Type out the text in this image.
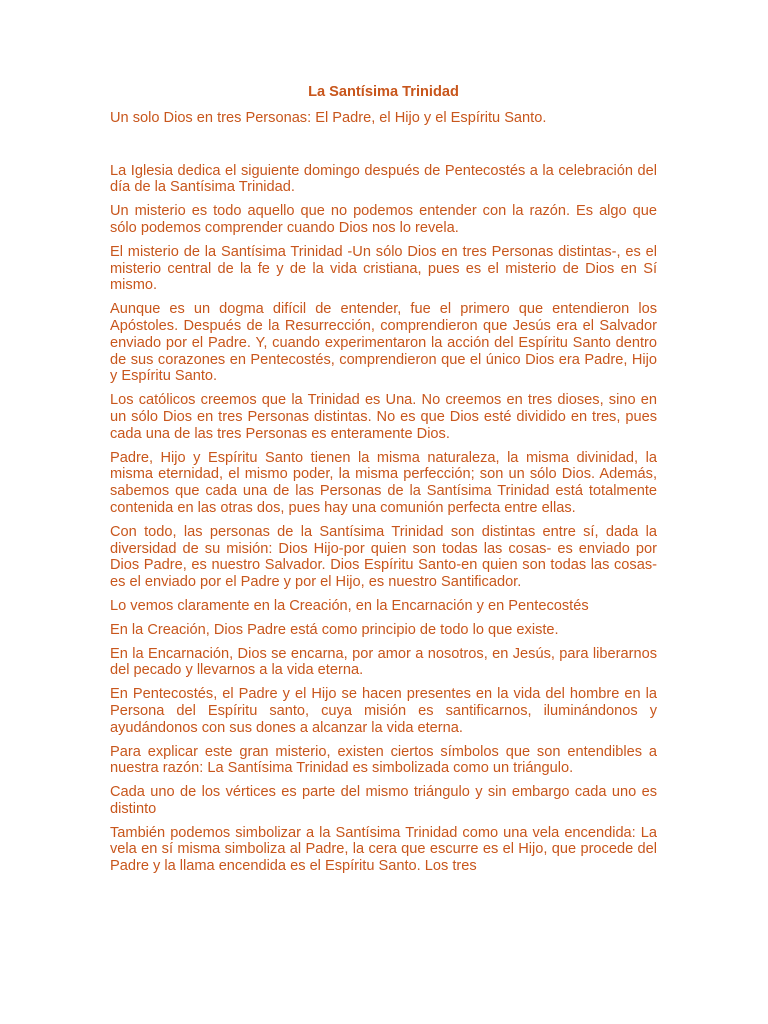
La Santísima Trinidad
Un solo Dios en tres Personas: El Padre, el Hijo y el Espíritu Santo.

La Iglesia dedica el siguiente domingo después de Pentecostés a la celebración del día de la Santísima Trinidad.

Un misterio es todo aquello que no podemos entender con la razón. Es algo que sólo podemos comprender cuando Dios nos lo revela.

El misterio de la Santísima Trinidad -Un sólo Dios en tres Personas distintas-, es el misterio central de la fe y de la vida cristiana, pues es el misterio de Dios en Sí mismo.

Aunque es un dogma difícil de entender, fue el primero que entendieron los Apóstoles. Después de la Resurrección, comprendieron que Jesús era el Salvador enviado por el Padre. Y, cuando experimentaron la acción del Espíritu Santo dentro de sus corazones en Pentecostés, comprendieron que el único Dios era Padre, Hijo y Espíritu Santo.

Los católicos creemos que la Trinidad es Una. No creemos en tres dioses, sino en un sólo Dios en tres Personas distintas. No es que Dios esté dividido en tres, pues cada una de las tres Personas es enteramente Dios.

Padre, Hijo y Espíritu Santo tienen la misma naturaleza, la misma divinidad, la misma eternidad, el mismo poder, la misma perfección; son un sólo Dios. Además, sabemos que cada una de las Personas de la Santísima Trinidad está totalmente contenida en las otras dos, pues hay una comunión perfecta entre ellas.

Con todo, las personas de la Santísima Trinidad son distintas entre sí, dada la diversidad de su misión: Dios Hijo-por quien son todas las cosas- es enviado por Dios Padre, es nuestro Salvador. Dios Espíritu Santo-en quien son todas las cosas- es el enviado por el Padre y por el Hijo, es nuestro Santificador.

Lo vemos claramente en la Creación, en la Encarnación y en Pentecostés

En la Creación, Dios Padre está como principio de todo lo que existe.

En la Encarnación, Dios se encarna, por amor a nosotros, en Jesús, para liberarnos del pecado y llevarnos a la vida eterna.

En Pentecostés, el Padre y el Hijo se hacen presentes en la vida del hombre en la Persona del Espíritu santo, cuya misión es santificarnos, iluminándonos y ayudándonos con sus dones a alcanzar la vida eterna.

Para explicar este gran misterio, existen ciertos símbolos que son entendibles a nuestra razón: La Santísima Trinidad es simbolizada como un triángulo.

Cada uno de los vértices es parte del mismo triángulo y sin embargo cada uno es distinto

También podemos simbolizar a la Santísima Trinidad como una vela encendida: La vela en sí misma simboliza al Padre, la cera que escurre es el Hijo, que procede del Padre y la llama encendida es el Espíritu Santo. Los tres
